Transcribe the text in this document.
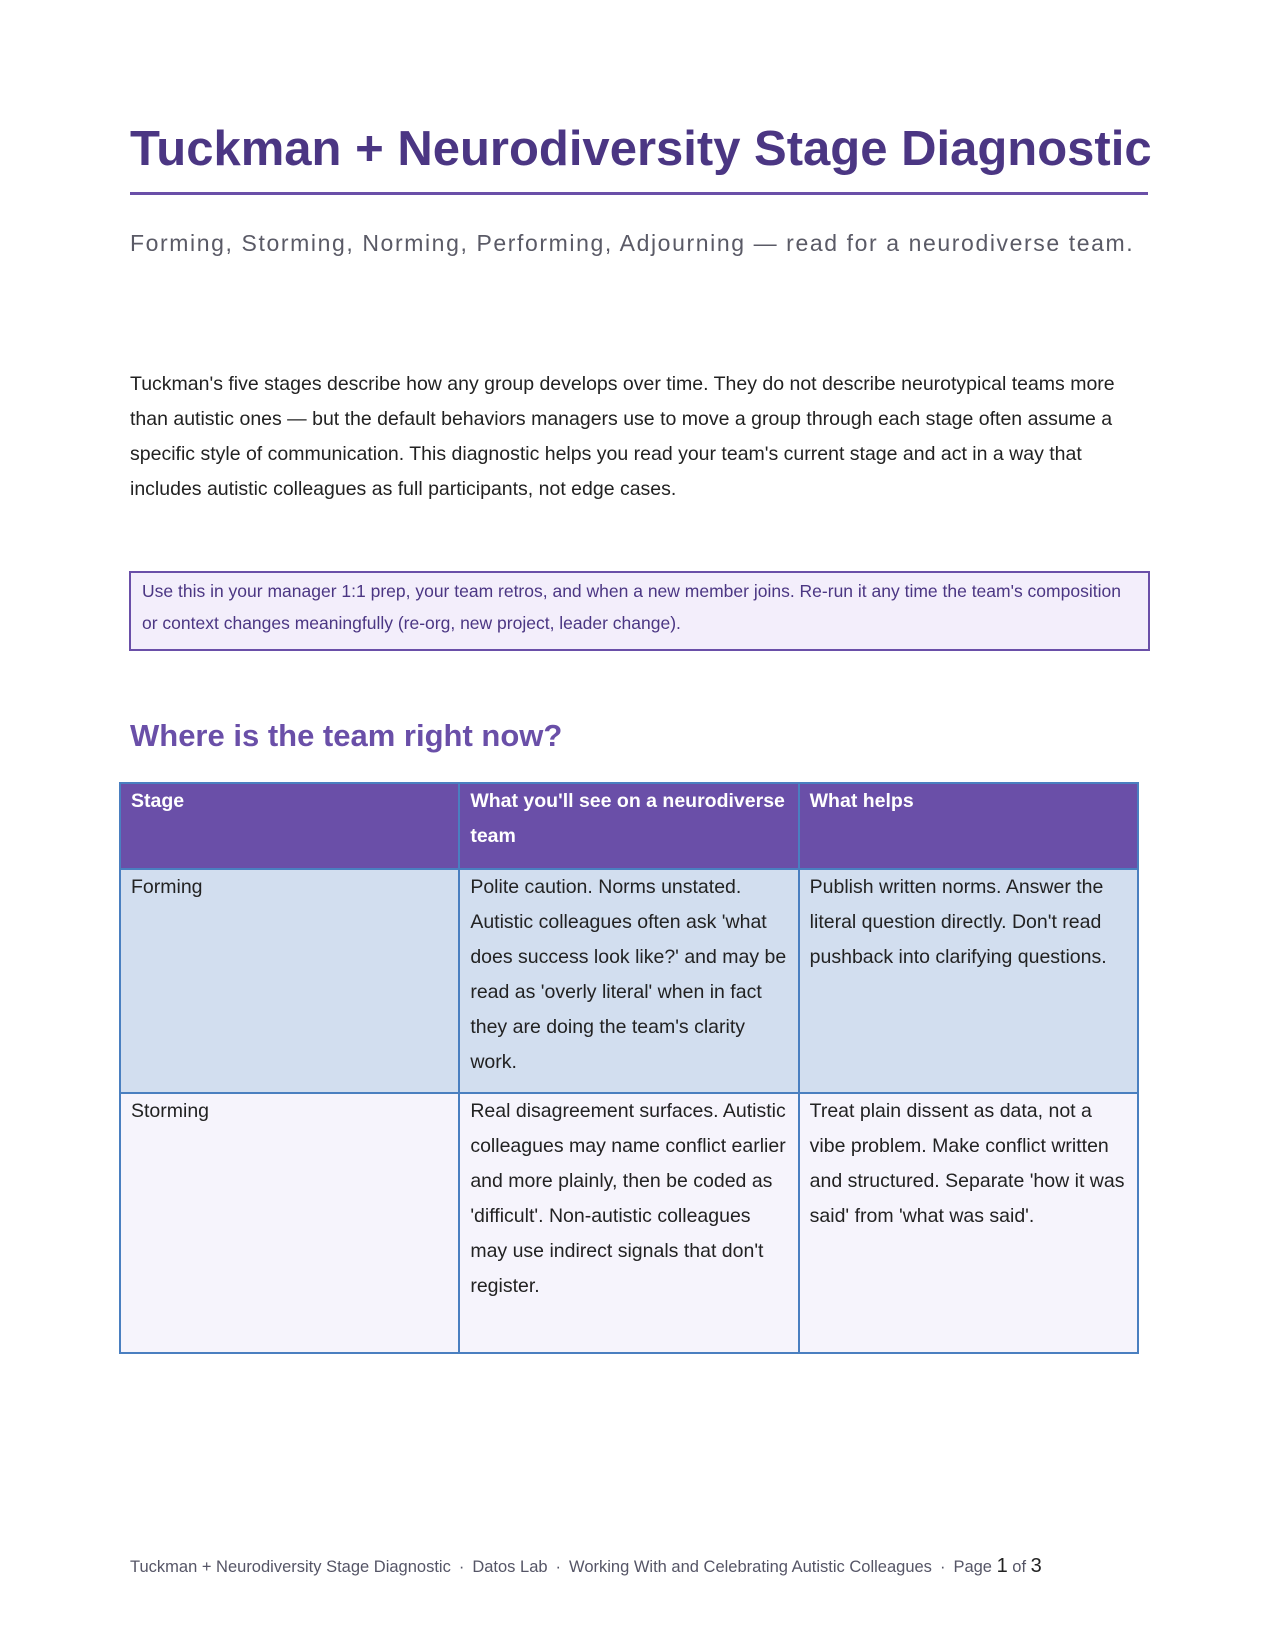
Tuckman + Neurodiversity Stage Diagnostic

Forming, Storming, Norming, Performing, Adjourning — read for a neurodiverse team.

Tuckman's five stages describe how any group develops over time. They do not describe neurotypical teams more than autistic ones — but the default behaviors managers use to move a group through each stage often assume a specific style of communication. This diagnostic helps you read your team's current stage and act in a way that includes autistic colleagues as full participants, not edge cases.

Use this in your manager 1:1 prep, your team retros, and when a new member joins. Re-run it any time the team's composition or context changes meaningfully (re-org, new project, leader change).
Where is the team right now?
Stage	What you'll see on a neurodiverse team	What helps
Forming	Polite caution. Norms unstated. Autistic colleagues often ask 'what does success look like?' and may be read as 'overly literal' when in fact they are doing the team's clarity work.	Publish written norms. Answer the literal question directly. Don't read pushback into clarifying questions.
Storming	Real disagreement surfaces. Autistic colleagues may name conflict earlier and more plainly, then be coded as 'difficult'. Non-autistic colleagues may use indirect signals that don't register.	Treat plain dissent as data, not a vibe problem. Make conflict written and structured. Separate 'how it was said' from 'what was said'.
Tuckman + Neurodiversity Stage Diagnostic · Datos Lab · Working With and Celebrating Autistic Colleagues · Page 1 of 3
